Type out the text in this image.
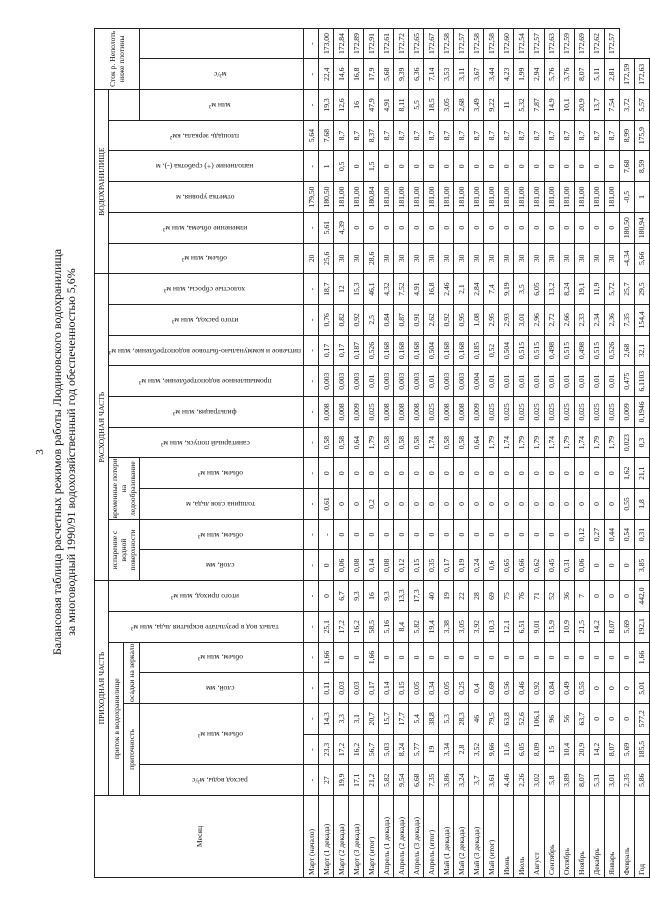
3 Балансовая таблица расчетных режимов работы Людиновского водохранилища за многоводный 1990/91 водохозяйственный год обеспеченностью 5,6%
Месяц	ПРИХОДНАЯ ЧАСТЬ							РАСХОДНАЯ ЧАСТЬ										ВОДОХРАНИЛИЩЕ						Сток р. Неполоть ниже плотины	
	приток в водохранилище					талых вод в результате вскрытия льда, млн м³	итого приход, млн м³	испарение с водной поверхности		временные потери на ледообразование		санитарный попуск, млн м³	фильтрация, млн м³	промышленное водопотребление, млн м³	питьевое и коммунально-бытовое водопотребление, млн м³	итого расход, млн м³	холостые сбросы, млн м³	объем, млн м³	изменение объема, млн м³	отметка уровня, м	наполнение (+) сработка (-), м	площадь зеркала, км²				
	приточность			осадки на зеркало																						
	расход воды, м³/с	объем, млн м³		слой, мм	объем, млн м³			слой, мм	объем, млн м³	толщина слоя льда, м	объем, млн м³												млн м³	м³/с		
Март (начало)	-	-	-	-	-	-	-	-	-	-	-	-	-	-	-	-	-	20	-	179,50	-	5,64	-	-	-	
Март (1 декада)	27	23,3	14,3	0,11	1,66	25,1	0	0	-	0,61	0	0,58	0,008	0,003	0,17	0,76	18,7	25,6	5,61	180,50	1	7,68	19,3	22,4	173,00	
Март (2 декада)	19,9	17,2	3,3	0,03	0	17,2	6,7	0,06	0	0	0	0,58	0,008	0,003	0,17	0,82	12	30	4,39	181,00	0,5	8,7	12,6	14,6	172,84	
Март (3 декада)	17,1	16,2	3,1	0,03	0	16,2	9,3	0,08	0	0	0	0,64	0,009	0,003	0,187	0,92	15,3	30	0	181,00	0	8,7	16	16,8	172,89	
Март (итог)	21,2	56,7	20,7	0,17	1,66	58,5	16	0,14	0	0,2	0	1,79	0,025	0,01	0,526	2,5	46,1	28,6	0	180,84	1,5	8,37	47,9	17,9	172,91	
Апрель (1 декада)	5,82	5,03	15,7	0,14	0	5,16	9,3	0,08	0	0	0	0,58	0,008	0,003	0,168	0,84	4,32	30	0	181,00	0	8,7	4,91	5,68	172,61	
Апрель (2 декада)	9,54	8,24	17,7	0,15	0	8,4	13,3	0,12	0	0	0	0,58	0,008	0,003	0,168	0,87	7,52	30	0	181,00	0	8,7	8,11	9,39	172,72	
Апрель (3 декада)	6,68	5,77	5,4	0,05	0	5,82	17,3	0,15	0	0	0	0,58	0,008	0,003	0,168	0,91	4,91	30	0	181,00	0	8,7	5,5	6,36	172,65	
Апрель (итог)	7,35	19	38,8	0,34	0	19,4	40	0,35	0	0	0	1,74	0,025	0,01	0,504	2,62	16,8	30	0	181,00	0	8,7	18,5	7,14	172,67	
Май (1 декада)	3,86	3,34	5,3	0,05	0	3,38	19	0,17	0	0	0	0,58	0,008	0,003	0,168	0,92	2,46	30	0	181,00	0	8,7	3,05	3,53	172,58	
Май (2 декада)	3,24	2,8	28,3	0,25	0	3,05	22	0,19	0	0	0	0,58	0,008	0,003	0,168	0,95	2,1	30	0	181,00	0	8,7	2,68	3,11	172,57	
Май (3 декада)	3,7	3,52	46	0,4	0	3,92	28	0,24	0	0	0	0,64	0,009	0,004	0,185	1,08	2,84	30	0	181,00	0	8,7	3,49	3,67	172,58	
Май (итог)	3,61	9,66	79,5	0,69	0	10,3	69	0,6	0	0	0	1,79	0,025	0,01	0,52	2,95	7,4	30	0	181,00	0	8,7	9,22	3,44	172,58	
Июнь	4,46	11,6	63,8	0,56	0	12,1	75	0,65	0	0	0	1,74	0,025	0,01	0,504	2,93	9,19	30	0	181,00	0	8,7	11	4,23	172,60	
Июль	2,26	6,05	52,6	0,46	0	6,51	76	0,66	0	0	0	1,79	0,025	0,01	0,515	3,01	3,5	30	0	181,00	0	8,7	5,32	1,99	172,54	
Август	3,02	8,09	106,1	0,92	0	9,01	71	0,62	0	0	0	1,79	0,025	0,01	0,515	2,96	6,05	30	0	181,00	0	8,7	7,87	2,94	172,57	
Сентябрь	5,8	15	96	0,84	0	15,9	52	0,45	0	0	0	1,74	0,025	0,01	0,498	2,72	13,2	30	0	181,00	0	8,7	14,9	5,76	172,63	
Октябрь	3,89	10,4	56	0,49	0	10,9	36	0,31	0	0	0	1,79	0,025	0,01	0,515	2,66	8,24	30	0	181,00	0	8,7	10,1	3,76	172,59	
Ноябрь	8,07	20,9	63,7	0,55	0	21,5	7	0,06	0,12	0	0	1,74	0,025	0,01	0,498	2,33	19,1	30	0	181,00	0	8,7	20,9	8,07	172,69	
Декабрь	5,31	14,2	0	0	0	14,2	0	0	0,27	0	0	1,79	0,025	0,01	0,515	2,34	11,9	30	0	181,00	0	8,7	13,7	5,11	172,62	
Январь	3,01	8,07	0	0	0	8,07	0	0	0,44	0	0	1,79	0,025	0,01	0,526	2,36	5,72	30	0	181,00	0	8,7	7,54	2,81	172,57	
Февраль	2,35	5,69	0	0	0	5,69	0	0	0,54	0,55	1,62	0,023	0,009	0,475	2,68	7,35	25,7	-4,34	180,50	-0,5	7,68	8,99	3,72	172,59		
Год	5,86	185,5	577,2	5,01	1,66	192,1	442,0	3,85	0,31	1,8	21,1	0,3	0,1946	6,1103	32,1	154,4	29,5	5,66	180,94	1	8,59	175,9	5,57	172,63		
